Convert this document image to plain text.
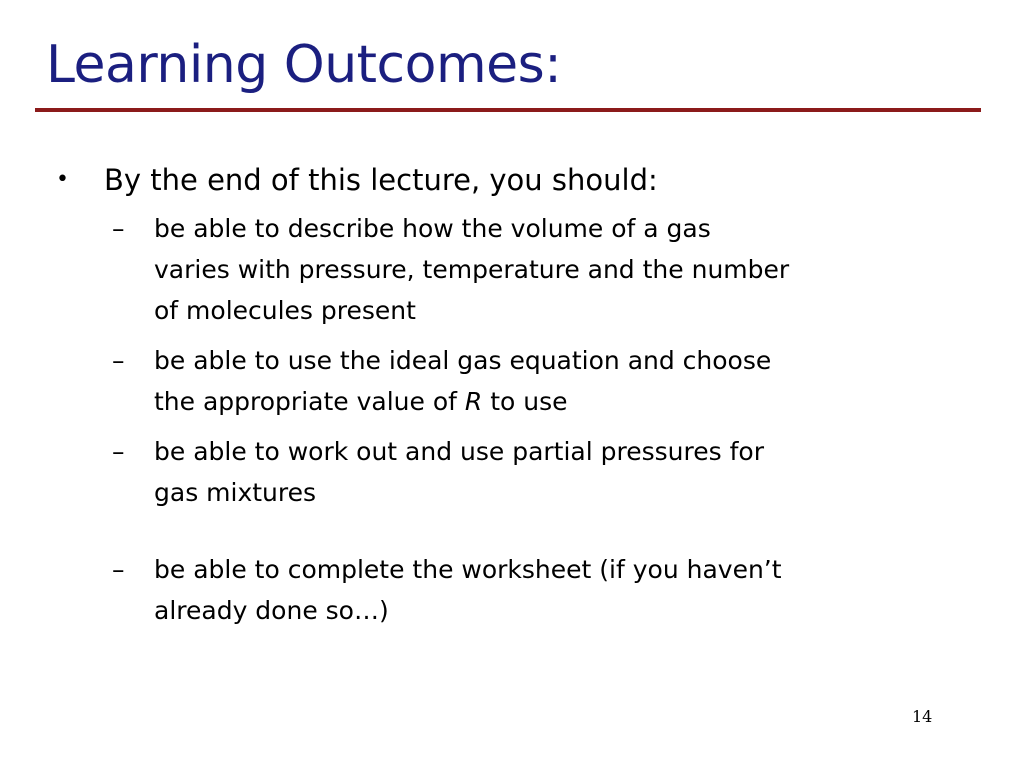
Learning Outcomes:
•	By the end of this lecture, you should:
–	be able to describe how the volume of a gas
varies with pressure, temperature and the number
of molecules present
–	be able to use the ideal gas equation and choose
the appropriate value of R to use
–	be able to work out and use partial pressures for
gas mixtures
–	be able to complete the worksheet (if you haven’t
already done so…)
14
